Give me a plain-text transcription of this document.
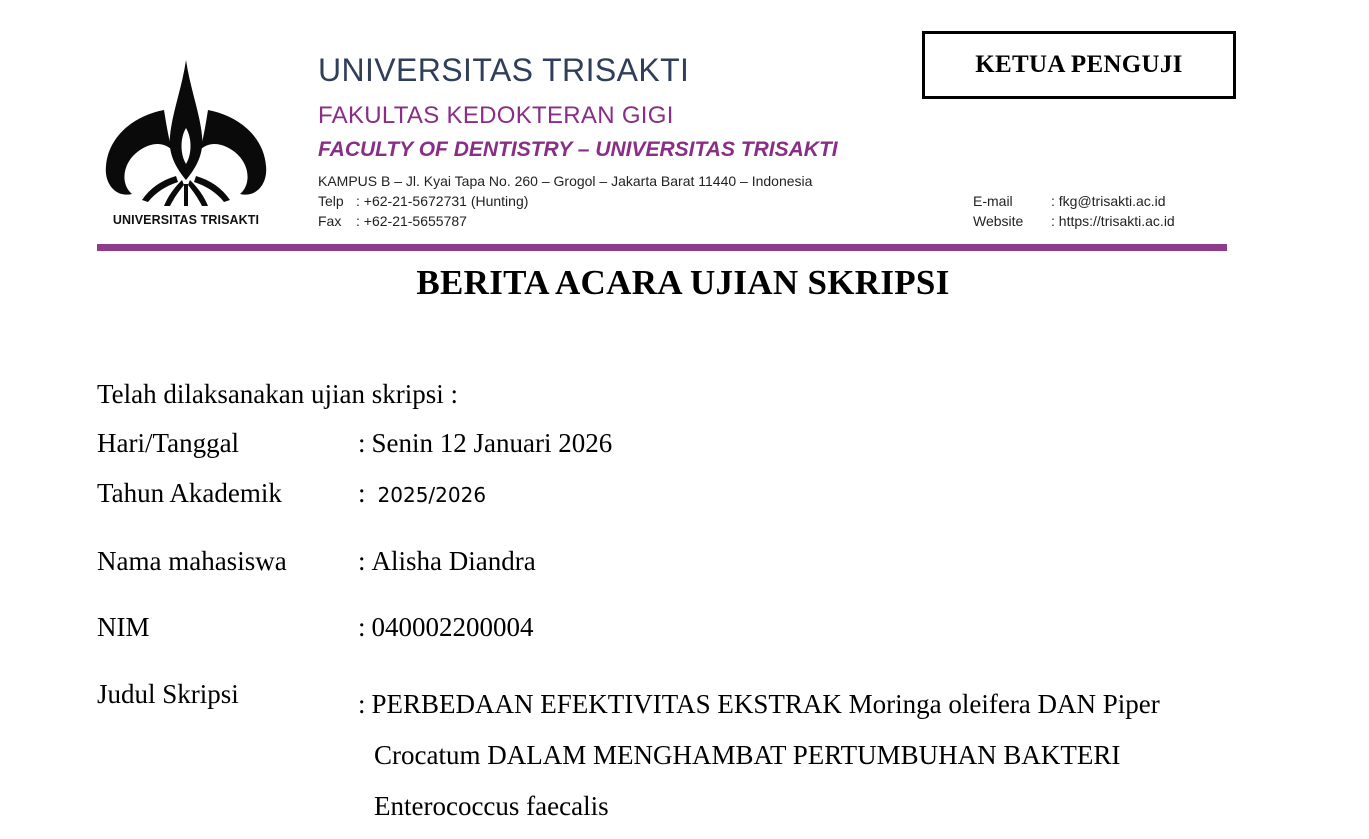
UNIVERSITAS TRISAKTI
UNIVERSITAS TRISAKTI
FAKULTAS KEDOKTERAN GIGI
FACULTY OF DENTISTRY – UNIVERSITAS TRISAKTI
KAMPUS B – Jl. Kyai Tapa No. 260 – Grogol – Jakarta Barat 11440 – Indonesia
Telp : +62-21-5672731 (Hunting)
Fax : +62-21-5655787
E-mail	: fkg@trisakti.ac.id
Website : https://trisakti.ac.id
KETUA PENGUJI
BERITA ACARA UJIAN SKRIPSI
Telah dilaksanakan ujian skripsi :
Hari/Tanggal	: Senin 12 Januari 2026
Tahun Akademik	: 2025/2026
Nama mahasiswa	: Alisha Diandra
NIM	: 040002200004
Judul Skripsi	: PERBEDAAN EFEKTIVITAS EKSTRAK Moringa oleifera DAN Piper
Crocatum DALAM MENGHAMBAT PERTUMBUHAN BAKTERI
Enterococcus faecalis
